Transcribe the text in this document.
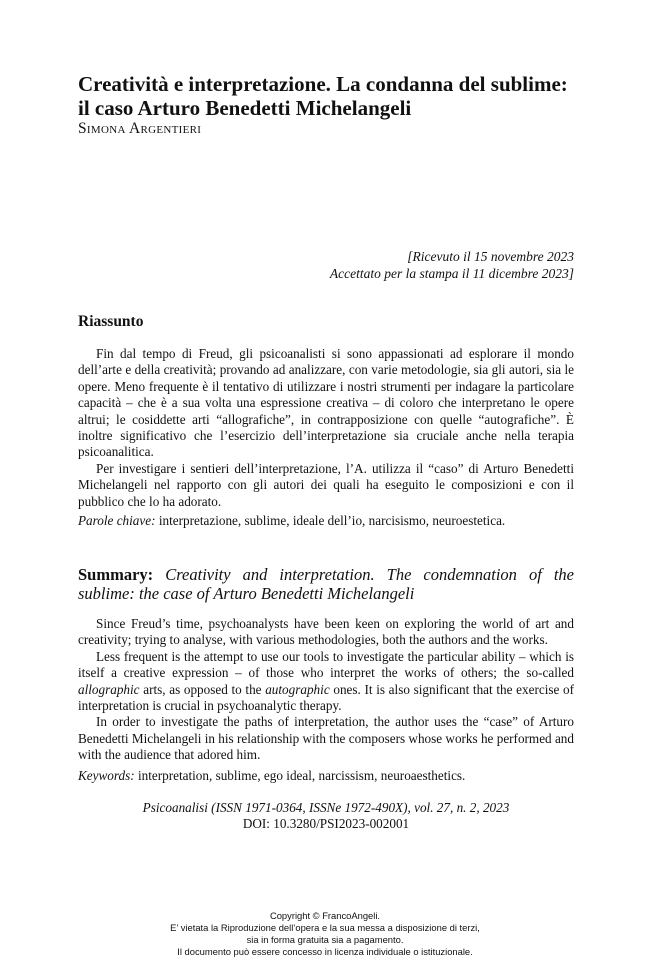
Creatività e interpretazione. La condanna del sublime: il caso Arturo Benedetti Michelangeli
Simona Argentieri
[Ricevuto il 15 novembre 2023
Accettato per la stampa il 11 dicembre 2023]
Riassunto

Fin dal tempo di Freud, gli psicoanalisti si sono appassionati ad esplorare il mondo dell’arte e della creatività; provando ad analizzare, con varie metodologie, sia gli autori, sia le opere. Meno frequente è il tentativo di utilizzare i nostri strumenti per indagare la particolare capacità – che è a sua volta una espressione creativa – di coloro che interpretano le opere altrui; le cosiddette arti “allografiche”, in contrapposizione con quelle “autografiche”. È inoltre significativo che l’esercizio dell’interpretazione sia cruciale anche nella terapia psicoanalitica.

Per investigare i sentieri dell’interpretazione, l’A. utilizza il “caso” di Arturo Benedetti Michelangeli nel rapporto con gli autori dei quali ha eseguito le composizioni e con il pubblico che lo ha adorato.

Parole chiave: interpretazione, sublime, ideale dell’io, narcisismo, neuroestetica.
Summary: Creativity and interpretation. The condemnation of the sublime: the case of Arturo Benedetti Michelangeli

Since Freud’s time, psychoanalysts have been keen on exploring the world of art and creativity; trying to analyse, with various methodologies, both the authors and the works.

Less frequent is the attempt to use our tools to investigate the particular ability – which is itself a creative expression – of those who interpret the works of others; the so-called allographic arts, as opposed to the autographic ones. It is also significant that the exercise of interpretation is crucial in psychoanalytic therapy.

In order to investigate the paths of interpretation, the author uses the “case” of Arturo Benedetti Michelangeli in his relationship with the composers whose works he performed and with the audience that adored him.

Keywords: interpretation, sublime, ego ideal, narcissism, neuroaesthetics.
Psicoanalisi (ISSN 1971-0364, ISSNe 1972-490X), vol. 27, n. 2, 2023
DOI: 10.3280/PSI2023-002001
Copyright © FrancoAngeli.
E’ vietata la Riproduzione dell’opera e la sua messa a disposizione di terzi,
sia in forma gratuita sia a pagamento.
Il documento può essere concesso in licenza individuale o istituzionale.
